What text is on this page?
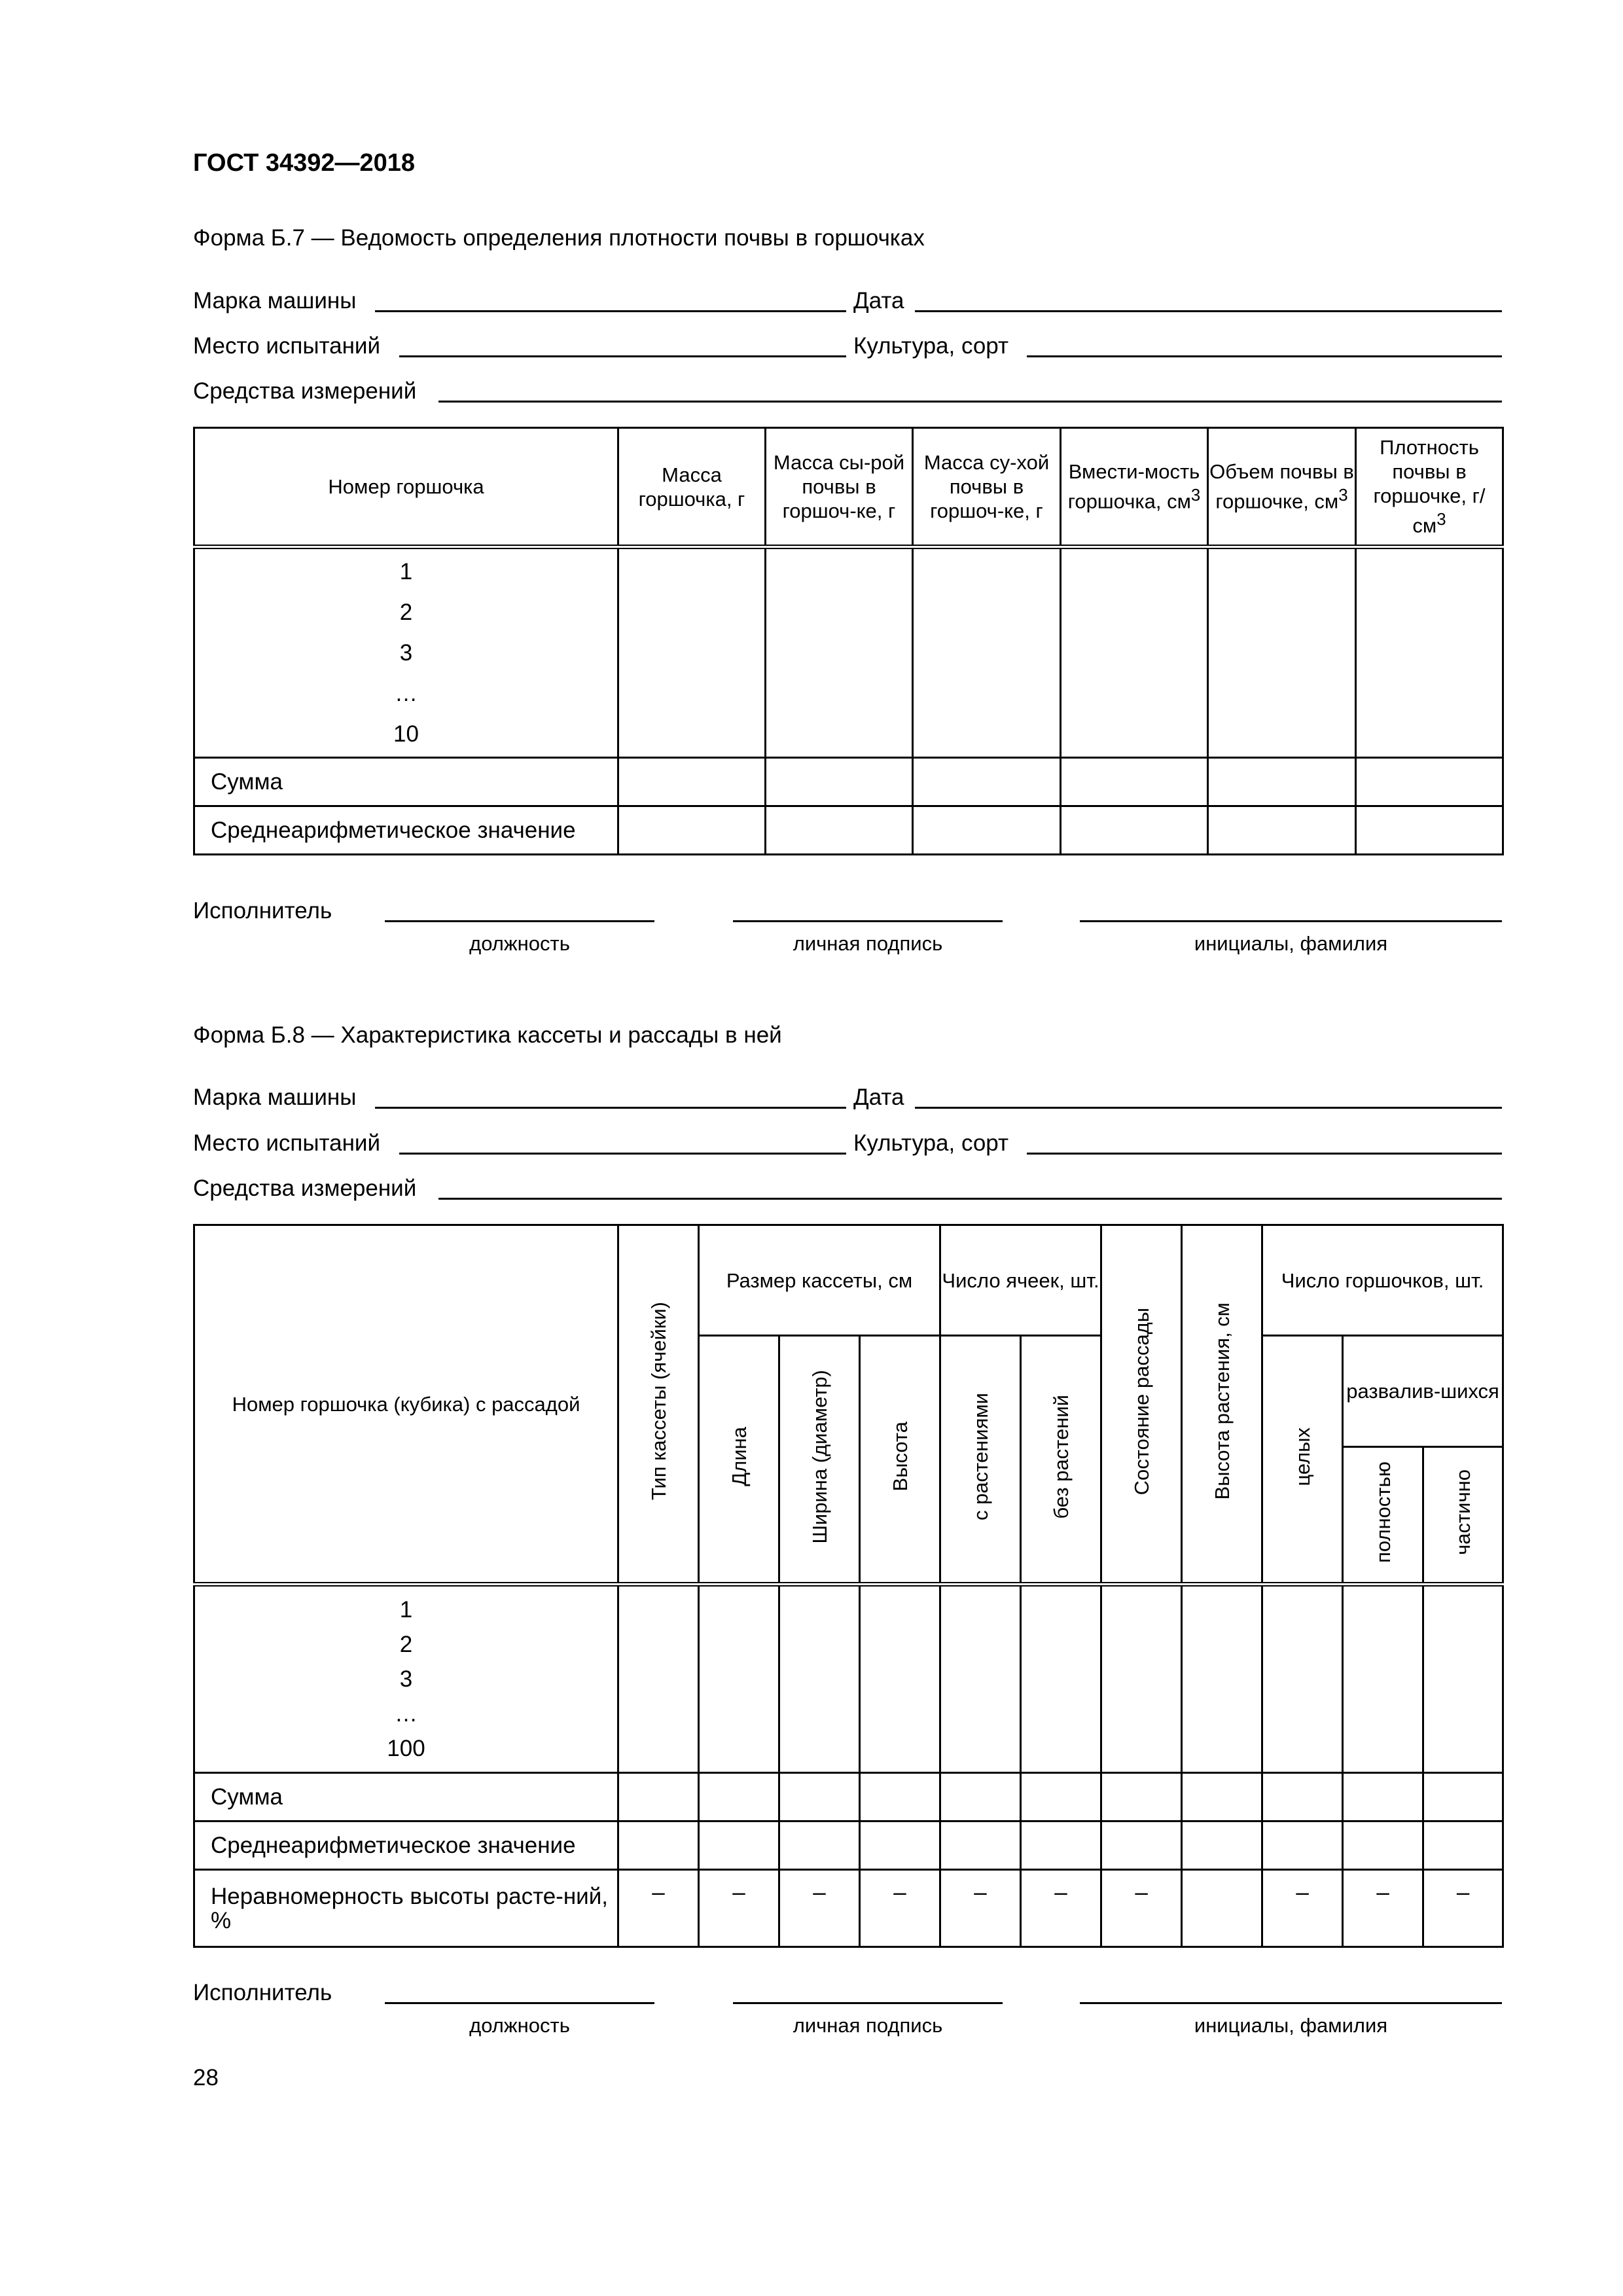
ГОСТ 34392—2018
Форма Б.7 — Ведомость определения плотности почвы в горшочках
Марка машины	Дата
Место испытаний	Культура, сорт
Средства измерений
Номер горшочка	Масса горшочка, г	Масса сы-рой почвы в горшоч-ке, г	Масса су-хой почвы в горшоч-ке, г	Вмести-мость горшочка, $см^3$	Объем почвы в горшочке, $см^3$	Плотность почвы в горшочке, $г/см^3$

1
2
3
…
10						

Сумма						
Среднеарифметическое значение						
Исполнитель
должность	личная подпись	инициалы, фамилия
Форма Б.8 — Характеристика кассеты и рассады в ней
Марка машины	Дата
Место испытаний	Культура, сорт
Средства измерений
Номер горшочка (кубика) с рассадой	Тип кассеты (ячейки)	Размер кассеты, см			Число ячеек, шт.		Состояние рассады	Высота растения, см	Число горшочков, шт.		
		Длина	Ширина (диаметр)	Высота	с растениями	без растений			целых	развалив-шихся	
										полностью	частично

1
2
3
…
100											

Сумма											
Среднеарифметическое значение											
Неравномерность высоты расте-ний, %	–	–	–	–	–	–	–		–	–	–
Исполнитель
должность	личная подпись	инициалы, фамилия
28
